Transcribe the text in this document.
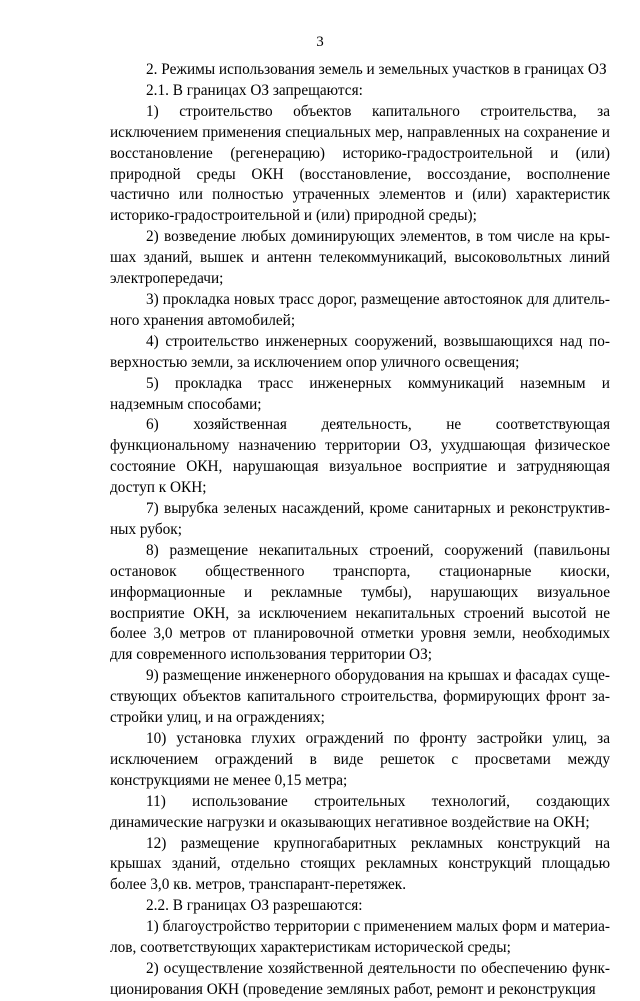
3

2. Режимы использования земель и земельных участков в границах ОЗ

2.1. В границах ОЗ запрещаются:

1) строительство объектов капитального строительства, за исключением применения специальных мер, направленных на сохранение и восстановление (регенерацию) историко-градостроительной и (или) природной среды ОКН (восстановление, воссоздание, восполнение частично или полностью утраченных элементов и (или) характеристик историко-градостроительной и (или) природной среды);

2) возведение любых доминирующих элементов, в том числе на крышах зданий, вышек и антенн телекоммуникаций, высоковольтных линий электропередачи;

3) прокладка новых трасс дорог, размещение автостоянок для длительного хранения автомобилей;

4) строительство инженерных сооружений, возвышающихся над поверхностью земли, за исключением опор уличного освещения;

5) прокладка трасс инженерных коммуникаций наземным и надземным способами;

6) хозяйственная деятельность, не соответствующая функциональному назначению территории ОЗ, ухудшающая физическое состояние ОКН, нарушающая визуальное восприятие и затрудняющая доступ к ОКН;

7) вырубка зеленых насаждений, кроме санитарных и реконструктивных рубок;

8) размещение некапитальных строений, сооружений (павильоны остановок общественного транспорта, стационарные киоски, информационные и рекламные тумбы), нарушающих визуальное восприятие ОКН, за исключением некапитальных строений высотой не более 3,0 метров от планировочной отметки уровня земли, необходимых для современного использования территории ОЗ;

9) размещение инженерного оборудования на крышах и фасадах существующих объектов капитального строительства, формирующих фронт застройки улиц, и на ограждениях;

10) установка глухих ограждений по фронту застройки улиц, за исключением ограждений в виде решеток с просветами между конструкциями не менее 0,15 метра;

11) использование строительных технологий, создающих динамические нагрузки и оказывающих негативное воздействие на ОКН;

12) размещение крупногабаритных рекламных конструкций на крышах зданий, отдельно стоящих рекламных конструкций площадью более 3,0 кв. метров, транспарант-перетяжек.

2.2. В границах ОЗ разрешаются:

1) благоустройство территории с применением малых форм и материалов, соответствующих характеристикам исторической среды;

2) осуществление хозяйственной деятельности по обеспечению функционирования ОКН (проведение земляных работ, ремонт и реконструкция
